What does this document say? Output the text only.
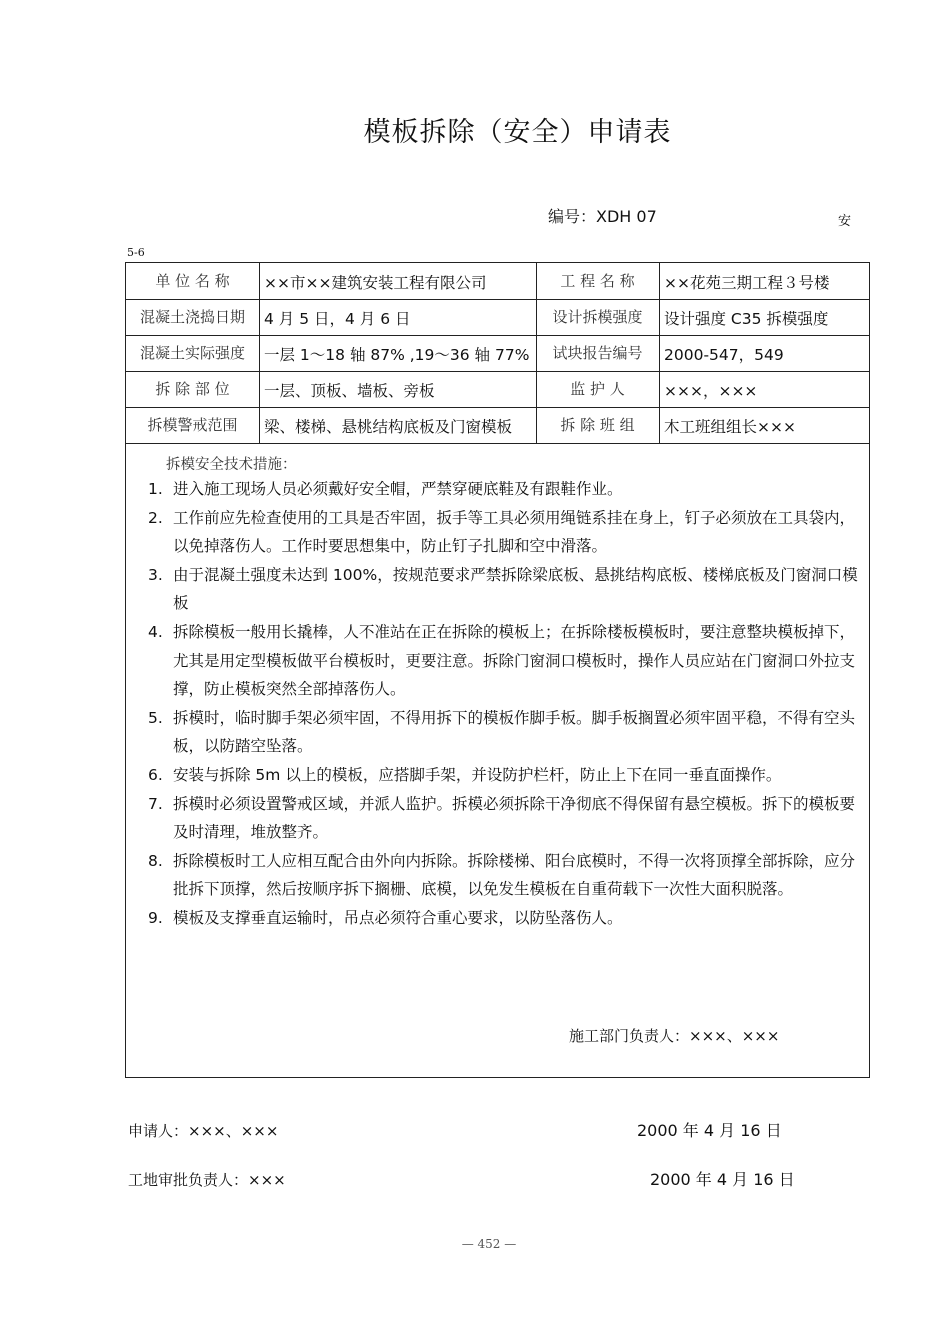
模板拆除（安全）申请表
编号：XDH 07	安
5-6
单 位 名 称	××市××建筑安装工程有限公司	工 程 名 称	××花苑三期工程３号楼
混凝土浇捣日期	4 月 5 日，4 月 6 日	设计拆模强度	设计强度 C35 拆模强度
混凝土实际强度	一层 1～18 轴 87% ,19～36 轴 77%	试块报告编号	2000-547，549
拆 除 部 位	一层、顶板、墙板、旁板	监 护 人	×××，×××
拆模警戒范围	梁、楼梯、悬桃结构底板及门窗模板	拆 除 班 组	木工班组组长×××
拆模安全技术措施：
1. 进入施工现场人员必须戴好安全帽，严禁穿硬底鞋及有跟鞋作业。
2. 工作前应先检查使用的工具是否牢固，扳手等工具必须用绳链系挂在身上，钉子必须放在工具袋内，以免掉落伤人。工作时要思想集中，防止钉子扎脚和空中滑落。
3. 由于混凝土强度未达到 100%，按规范要求严禁拆除梁底板、悬挑结构底板、楼梯底板及门窗洞口模板
4. 拆除模板一般用长撬棒，人不准站在正在拆除的模板上；在拆除楼板模板时，要注意整块模板掉下，尤其是用定型模板做平台模板时，更要注意。拆除门窗洞口模板时，操作人员应站在门窗洞口外拉支撑，防止模板突然全部掉落伤人。
5. 拆模时，临时脚手架必须牢固，不得用拆下的模板作脚手板。脚手板搁置必须牢固平稳，不得有空头板，以防踏空坠落。
6. 安装与拆除 5m 以上的模板，应搭脚手架，并设防护栏杆，防止上下在同一垂直面操作。
7. 拆模时必须设置警戒区域，并派人监护。拆模必须拆除干净彻底不得保留有悬空模板。拆下的模板要及时清理，堆放整齐。
8. 拆除模板时工人应相互配合由外向内拆除。拆除楼梯、阳台底模时，不得一次将顶撑全部拆除，应分批拆下顶撑，然后按顺序拆下搁栅、底模，以免发生模板在自重荷载下一次性大面积脱落。
9. 模板及支撑垂直运输时，吊点必须符合重心要求，以防坠落伤人。
施工部门负责人：×××、×××
申请人：×××、×××	2000 年 4 月 16 日
工地审批负责人：×××	2000 年 4 月 16 日
— 452 —
